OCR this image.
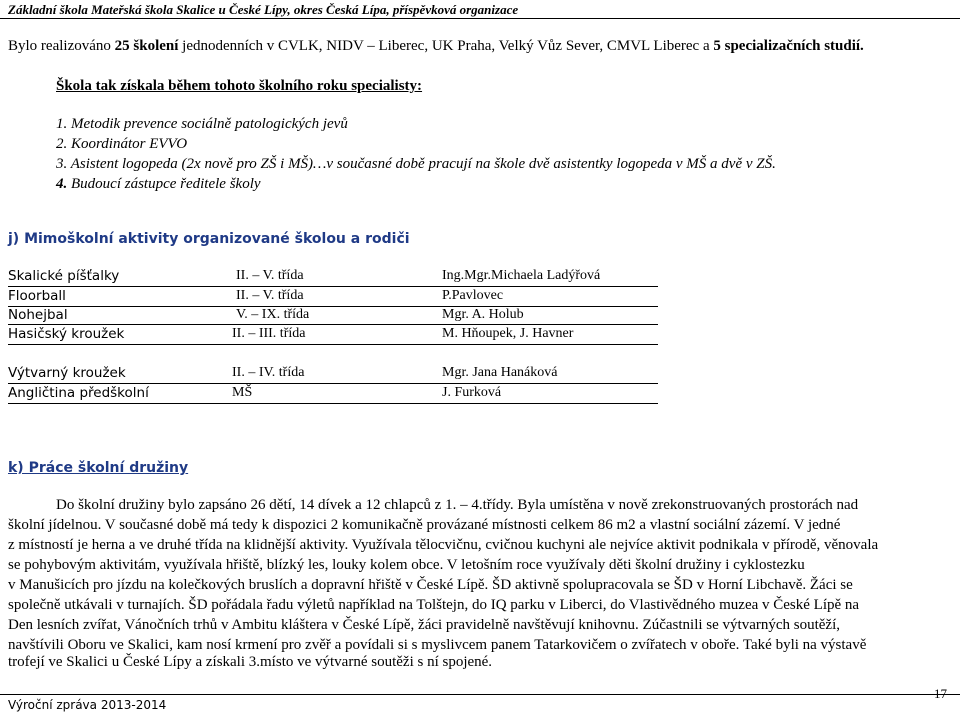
Základní škola Mateřská škola Skalice u České Lípy, okres Česká Lípa, příspěvková organizace
Bylo realizováno 25 školení jednodenních v CVLK, NIDV – Liberec, UK Praha, Velký Vůz Sever, CMVL Liberec a 5 specializačních studií.
Škola tak získala během tohoto školního roku specialisty:
1. Metodik prevence sociálně patologických jevů
2. Koordinátor EVVO
3. Asistent logopeda (2x nově pro ZŠ i MŠ)…v současné době pracují na škole dvě asistentky logopeda v MŠ a dvě v ZŠ.
4. Budoucí zástupce ředitele školy
j) Mimoškolní aktivity organizované školou a rodiči
Skalické píšťalky	II. – V. třída	Ing.Mgr.Michaela Ladýřová
Floorball	II. – V. třída	P.Pavlovec
Nohejbal	V. – IX. třída	Mgr. A. Holub
Hasičský kroužek	II. – III. třída	M. Hňoupek, J. Havner
Výtvarný kroužek	II. – IV. třída	Mgr. Jana Hanáková
Angličtina předškolní	MŠ	J. Furková
k) Práce školní družiny
Do školní družiny bylo zapsáno 26 dětí, 14 dívek a 12 chlapců z 1. – 4.třídy. Byla umístěna v nově zrekonstruovaných prostorách nad
školní jídelnou. V současné době má tedy k dispozici 2 komunikačně provázané místnosti celkem 86 m2 a vlastní sociální zázemí. V jedné
z místností je herna a ve druhé třída na klidnější aktivity. Využívala tělocvičnu, cvičnou kuchyni ale nejvíce aktivit podnikala v přírodě, věnovala
se pohybovým aktivitám, využívala hřiště, blízký les, louky kolem obce. V letošním roce využívaly děti školní družiny i cyklostezku
v Manušicích pro jízdu na kolečkových bruslích a dopravní hřiště v České Lípě. ŠD aktivně spolupracovala se ŠD v Horní Libchavě. Žáci se
společně utkávali v turnajích. ŠD pořádala řadu výletů například na Tolštejn, do IQ parku v Liberci, do Vlastivědného muzea v České Lípě na
Den lesních zvířat, Vánočních trhů v Ambitu kláštera v České Lípě, žáci pravidelně navštěvují knihovnu. Zúčastnili se výtvarných soutěží,
navštívili Oboru ve Skalici, kam nosí krmení pro zvěř a povídali si s myslivcem panem Tatarkovičem o zvířatech v oboře. Také byli na výstavě
trofejí ve Skalici u České Lípy a získali 3.místo ve výtvarné soutěži s ní spojené.
17
Výroční zpráva 2013-2014
